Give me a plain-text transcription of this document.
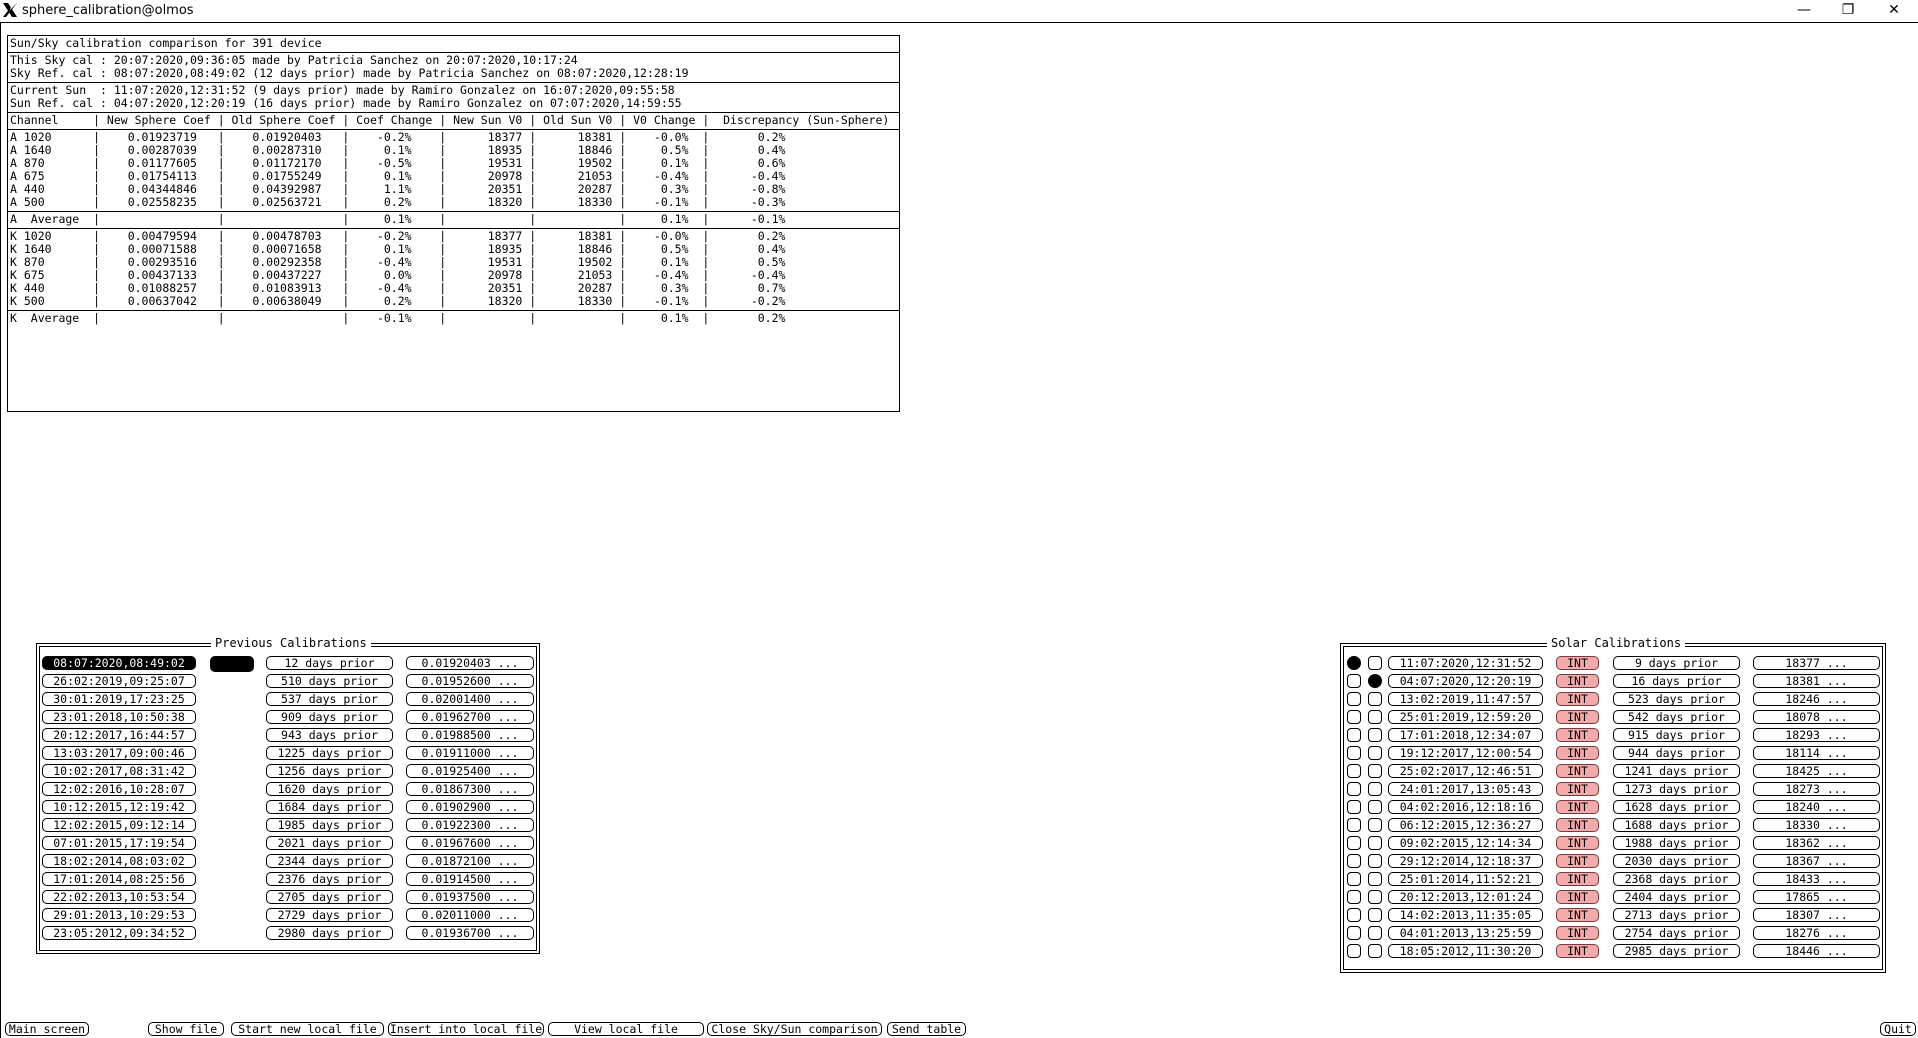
sphere_calibration@olmos	—	❐	✕
Sun/Sky calibration comparison for 391 device
This Sky cal : 20:07:2020,09:36:05 made by Patricia Sanchez on 20:07:2020,10:17:24
Sky Ref. cal : 08:07:2020,08:49:02 (12 days prior) made by Patricia Sanchez on 08:07:2020,12:28:19
Current Sun  : 11:07:2020,12:31:52 (9 days prior) made by Ramiro Gonzalez on 16:07:2020,09:55:58
Sun Ref. cal : 04:07:2020,12:20:19 (16 days prior) made by Ramiro Gonzalez on 07:07:2020,14:59:55
Channel     | New Sphere Coef | Old Sphere Coef | Coef Change | New Sun V0 | Old Sun V0 | V0 Change |  Discrepancy (Sun-Sphere)
A 1020      |    0.01923719   |    0.01920403   |    -0.2%    |      18377 |      18381 |    -0.0%  |       0.2%
A 1640      |    0.00287039   |    0.00287310   |     0.1%    |      18935 |      18846 |     0.5%  |       0.4%
A 870       |    0.01177605   |    0.01172170   |    -0.5%    |      19531 |      19502 |     0.1%  |       0.6%
A 675       |    0.01754113   |    0.01755249   |     0.1%    |      20978 |      21053 |    -0.4%  |      -0.4%
A 440       |    0.04344846   |    0.04392987   |     1.1%    |      20351 |      20287 |     0.3%  |      -0.8%
A 500       |    0.02558235   |    0.02563721   |     0.2%    |      18320 |      18330 |    -0.1%  |      -0.3%
A  Average  |                 |                 |     0.1%    |            |            |     0.1%  |      -0.1%
K 1020      |    0.00479594   |    0.00478703   |    -0.2%    |      18377 |      18381 |    -0.0%  |       0.2%
K 1640      |    0.00071588   |    0.00071658   |     0.1%    |      18935 |      18846 |     0.5%  |       0.4%
K 870       |    0.00293516   |    0.00292358   |    -0.4%    |      19531 |      19502 |     0.1%  |       0.5%
K 675       |    0.00437133   |    0.00437227   |     0.0%    |      20978 |      21053 |    -0.4%  |      -0.4%
K 440       |    0.01088257   |    0.01083913   |    -0.4%    |      20351 |      20287 |     0.3%  |       0.7%
K 500       |    0.00637042   |    0.00638049   |     0.2%    |      18320 |      18330 |    -0.1%  |      -0.2%
K  Average  |                 |                 |    -0.1%    |            |            |     0.1%  |       0.2%
Previous Calibrations	Solar Calibrations
Main screen	Show file	Start new local file	Insert into local file	View local file	Close Sky/Sun comparison	Send table	Quit
08:07:2020,08:49:02	12 days prior	0.01920403 ...
26:02:2019,09:25:07	510 days prior	0.01952600 ...
30:01:2019,17:23:25	537 days prior	0.02001400 ...
23:01:2018,10:50:38	909 days prior	0.01962700 ...
20:12:2017,16:44:57	943 days prior	0.01988500 ...
13:03:2017,09:00:46	1225 days prior	0.01911000 ...
10:02:2017,08:31:42	1256 days prior	0.01925400 ...
12:02:2016,10:28:07	1620 days prior	0.01867300 ...
10:12:2015,12:19:42	1684 days prior	0.01902900 ...
12:02:2015,09:12:14	1985 days prior	0.01922300 ...
07:01:2015,17:19:54	2021 days prior	0.01967600 ...
18:02:2014,08:03:02	2344 days prior	0.01872100 ...
17:01:2014,08:25:56	2376 days prior	0.01914500 ...
22:02:2013,10:53:54	2705 days prior	0.01937500 ...
29:01:2013,10:29:53	2729 days prior	0.02011000 ...
23:05:2012,09:34:52	2980 days prior	0.01936700 ...
11:07:2020,12:31:52	INT	9 days prior	18377 ...
04:07:2020,12:20:19	INT	16 days prior	18381 ...
13:02:2019,11:47:57	INT	523 days prior	18246 ...
25:01:2019,12:59:20	INT	542 days prior	18078 ...
17:01:2018,12:34:07	INT	915 days prior	18293 ...
19:12:2017,12:00:54	INT	944 days prior	18114 ...
25:02:2017,12:46:51	INT	1241 days prior	18425 ...
24:01:2017,13:05:43	INT	1273 days prior	18273 ...
04:02:2016,12:18:16	INT	1628 days prior	18240 ...
06:12:2015,12:36:27	INT	1688 days prior	18330 ...
09:02:2015,12:14:34	INT	1988 days prior	18362 ...
29:12:2014,12:18:37	INT	2030 days prior	18367 ...
25:01:2014,11:52:21	INT	2368 days prior	18433 ...
20:12:2013,12:01:24	INT	2404 days prior	17865 ...
14:02:2013,11:35:05	INT	2713 days prior	18307 ...
04:01:2013,13:25:59	INT	2754 days prior	18276 ...
18:05:2012,11:30:20	INT	2985 days prior	18446 ...
